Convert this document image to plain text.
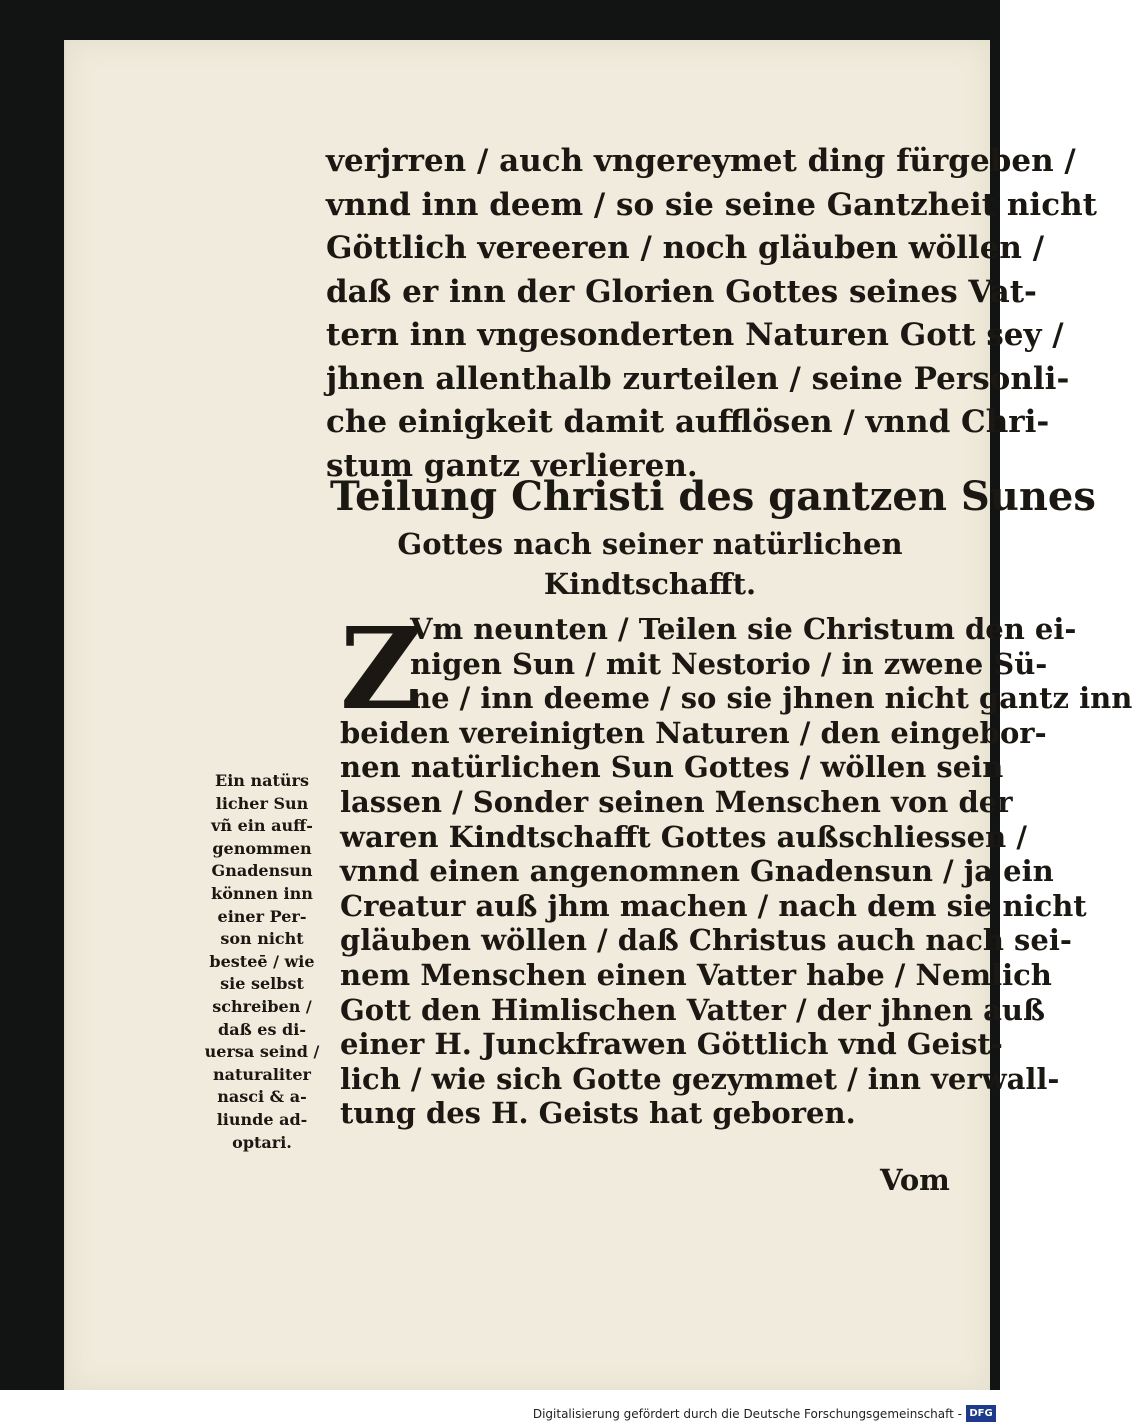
verjrren / auch vngereymet ding fürgeben /
vnnd inn deem / so sie seine Gantzheit nicht
Göttlich vereeren / noch gläuben wöllen /
daß er inn der Glorien Gottes seines Vat-
tern inn vngesonderten Naturen Gott sey /
jhnen allenthalb zurteilen / seine Personli-
che einigkeit damit aufflösen / vnnd Chri-
stum gantz verlieren.
Teilung Christi des gantzen Sunes
Gottes nach seiner natürlichen
Kindtschafft.
Z
Vm neunten / Teilen sie Christum den ei-
nigen Sun / mit Nestorio / in zwene Sü-
ne / inn deeme / so sie jhnen nicht gantz inn
beiden vereinigten Naturen / den eingebor-
nen natürlichen Sun Gottes / wöllen sein
lassen / Sonder seinen Menschen von der
waren Kindtschafft Gottes außschliessen /
vnnd einen angenomnen Gnadensun / ja ein
Creatur auß jhm machen / nach dem sie nicht
gläuben wöllen / daß Christus auch nach sei-
nem Menschen einen Vatter habe / Nemlich
Gott den Himlischen Vatter / der jhnen auß
einer H. Junckfrawen Göttlich vnd Geist-
lich / wie sich Gotte gezymmet / inn verwall-
tung des H. Geists hat geboren.
Vom
Ein natürs
licher Sun
vñ ein auff-
genommen
Gnadensun
können inn
einer Per-
son nicht
besteē / wie
sie selbst
schreiben /
daß es di-
uersa seind /
naturaliter
nasci & a-
liunde ad-
optari.
Digitalisierung gefördert durch die Deutsche Forschungsgemeinschaft - DFG
